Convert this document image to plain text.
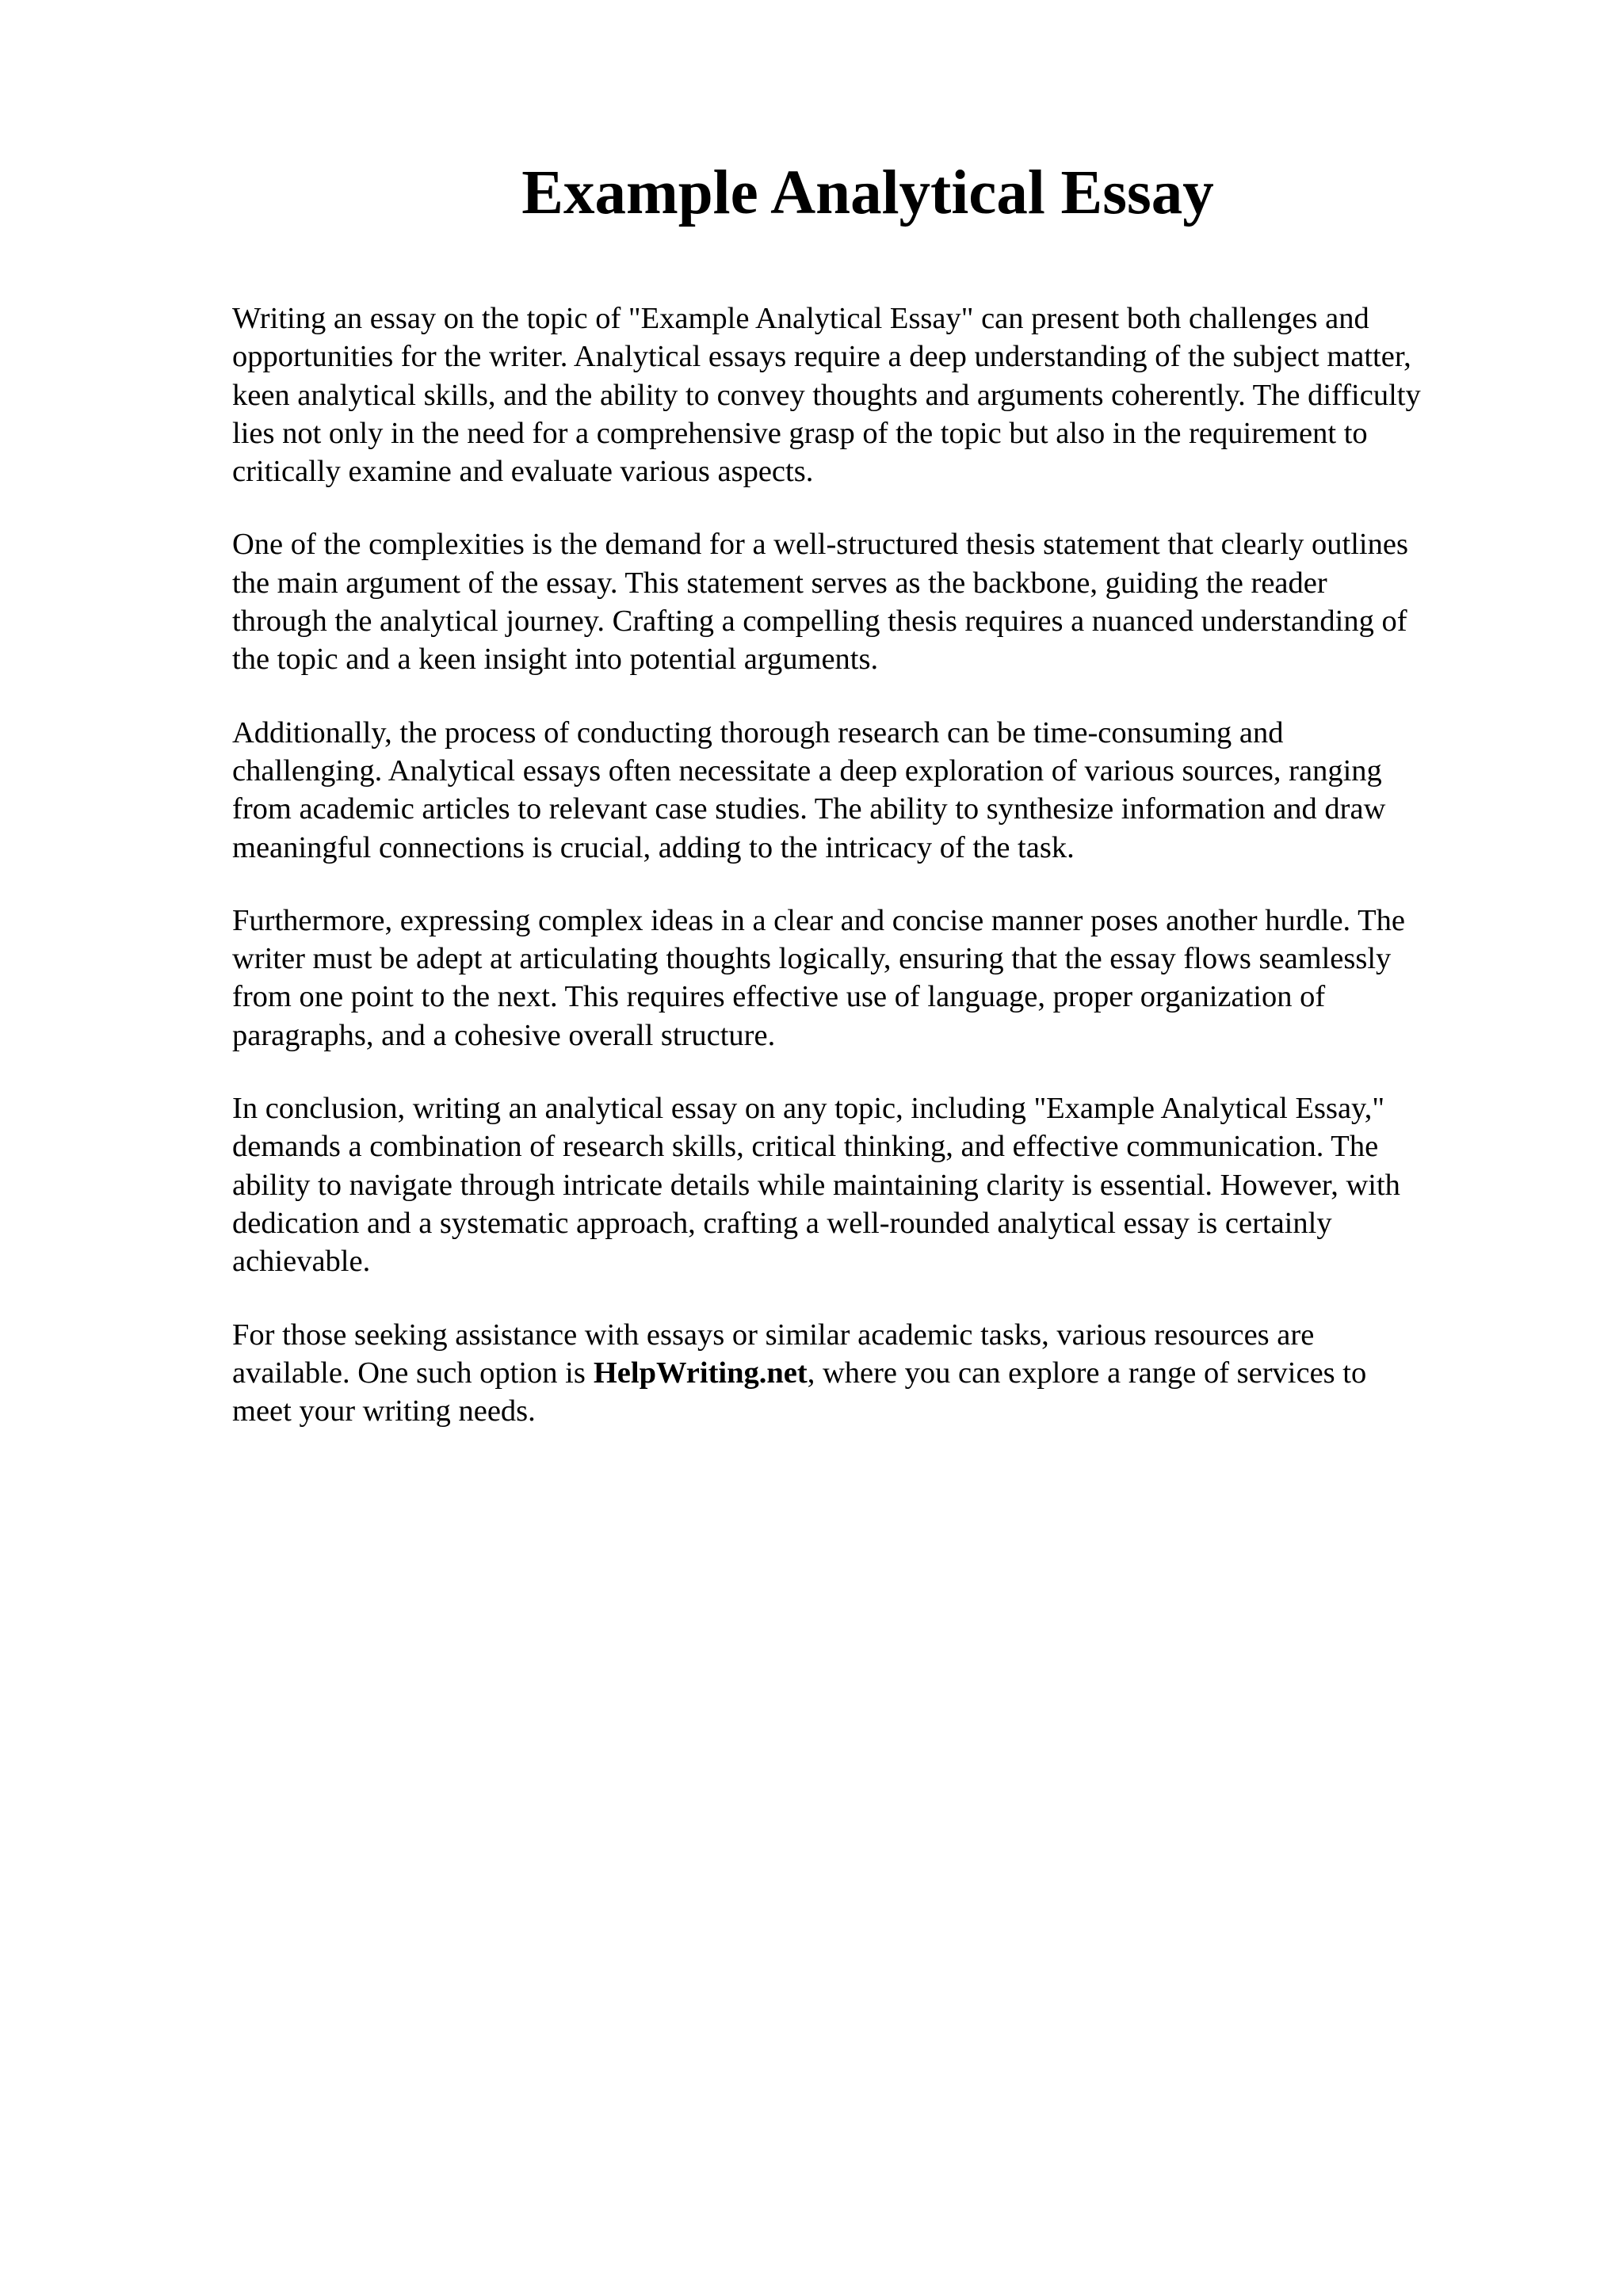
Example Analytical Essay

Writing an essay on the topic of "Example Analytical Essay" can present both challenges and
opportunities for the writer. Analytical essays require a deep understanding of the subject matter,
keen analytical skills, and the ability to convey thoughts and arguments coherently. The difficulty
lies not only in the need for a comprehensive grasp of the topic but also in the requirement to
critically examine and evaluate various aspects.

One of the complexities is the demand for a well-structured thesis statement that clearly outlines
the main argument of the essay. This statement serves as the backbone, guiding the reader
through the analytical journey. Crafting a compelling thesis requires a nuanced understanding of
the topic and a keen insight into potential arguments.

Additionally, the process of conducting thorough research can be time-consuming and
challenging. Analytical essays often necessitate a deep exploration of various sources, ranging
from academic articles to relevant case studies. The ability to synthesize information and draw
meaningful connections is crucial, adding to the intricacy of the task.

Furthermore, expressing complex ideas in a clear and concise manner poses another hurdle. The
writer must be adept at articulating thoughts logically, ensuring that the essay flows seamlessly
from one point to the next. This requires effective use of language, proper organization of
paragraphs, and a cohesive overall structure.

In conclusion, writing an analytical essay on any topic, including "Example Analytical Essay,"
demands a combination of research skills, critical thinking, and effective communication. The
ability to navigate through intricate details while maintaining clarity is essential. However, with
dedication and a systematic approach, crafting a well-rounded analytical essay is certainly
achievable.

For those seeking assistance with essays or similar academic tasks, various resources are
available. One such option is HelpWriting.net, where you can explore a range of services to
meet your writing needs.
